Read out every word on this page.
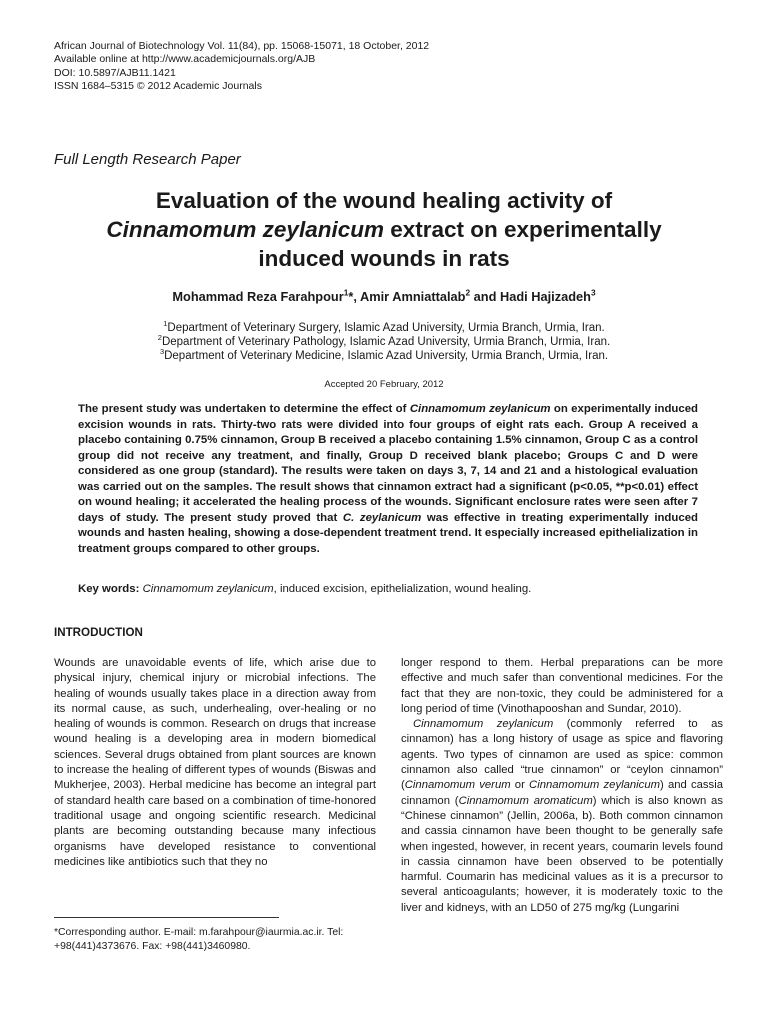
African Journal of Biotechnology Vol. 11(84), pp. 15068-15071, 18 October, 2012
Available online at http://www.academicjournals.org/AJB
DOI: 10.5897/AJB11.1421
ISSN 1684–5315 © 2012 Academic Journals
Full Length Research Paper
Evaluation of the wound healing activity of
Cinnamomum zeylanicum extract on experimentally
induced wounds in rats
Mohammad Reza Farahpour$^1$*, Amir Amniattalab$^2$ and Hadi Hajizadeh$^3$
$^1$Department of Veterinary Surgery, Islamic Azad University, Urmia Branch, Urmia, Iran.
$^2$Department of Veterinary Pathology, Islamic Azad University, Urmia Branch, Urmia, Iran.
$^3$Department of Veterinary Medicine, Islamic Azad University, Urmia Branch, Urmia, Iran.
Accepted 20 February, 2012
The present study was undertaken to determine the effect of Cinnamomum zeylanicum on experimentally induced excision wounds in rats. Thirty-two rats were divided into four groups of eight rats each. Group A received a placebo containing 0.75% cinnamon, Group B received a placebo containing 1.5% cinnamon, Group C as a control group did not receive any treatment, and finally, Group D received blank placebo; Groups C and D were considered as one group (standard). The results were taken on days 3, 7, 14 and 21 and a histological evaluation was carried out on the samples. The result shows that cinnamon extract had a significant (p<0.05, **p<0.01) effect on wound healing; it accelerated the healing process of the wounds. Significant enclosure rates were seen after 7 days of study. The present study proved that C. zeylanicum was effective in treating experimentally induced wounds and hasten healing, showing a dose-dependent treatment trend. It especially increased epithelialization in treatment groups compared to other groups.
Key words: Cinnamomum zeylanicum, induced excision, epithelialization, wound healing.
INTRODUCTION

Wounds are unavoidable events of life, which arise due to physical injury, chemical injury or microbial infections. The healing of wounds usually takes place in a direction away from its normal cause, as such, underhealing, over-healing or no healing of wounds is common. Research on drugs that increase wound healing is a developing area in modern biomedical sciences. Several drugs obtained from plant sources are known to increase the healing of different types of wounds (Biswas and Mukherjee, 2003). Herbal medicine has become an integral part of standard health care based on a combination of time-honored traditional usage and ongoing scientific research. Medicinal plants are becoming outstanding because many infectious organisms have developed resistance to conventional medicines like antibiotics such that they no

longer respond to them. Herbal preparations can be more effective and much safer than conventional medicines. For the fact that they are non-toxic, they could be administered for a long period of time (Vinothapooshan and Sundar, 2010).

Cinnamomum zeylanicum (commonly referred to as cinnamon) has a long history of usage as spice and flavoring agents. Two types of cinnamon are used as spice: common cinnamon also called “true cinnamon” or “ceylon cinnamon” (Cinnamomum verum or Cinnamomum zeylanicum) and cassia cinnamon (Cinnamomum aromaticum) which is also known as “Chinese cinnamon” (Jellin, 2006a, b). Both common cinnamon and cassia cinnamon have been thought to be generally safe when ingested, however, in recent years, coumarin levels found in cassia cinnamon have been observed to be potentially harmful. Coumarin has medicinal values as it is a precursor to several anticoagulants; however, it is moderately toxic to the liver and kidneys, with an LD50 of 275 mg/kg (Lungarini

*Corresponding author. E-mail: m.farahpour@iaurmia.ac.ir. Tel: +98(441)4373676. Fax: +98(441)3460980.
